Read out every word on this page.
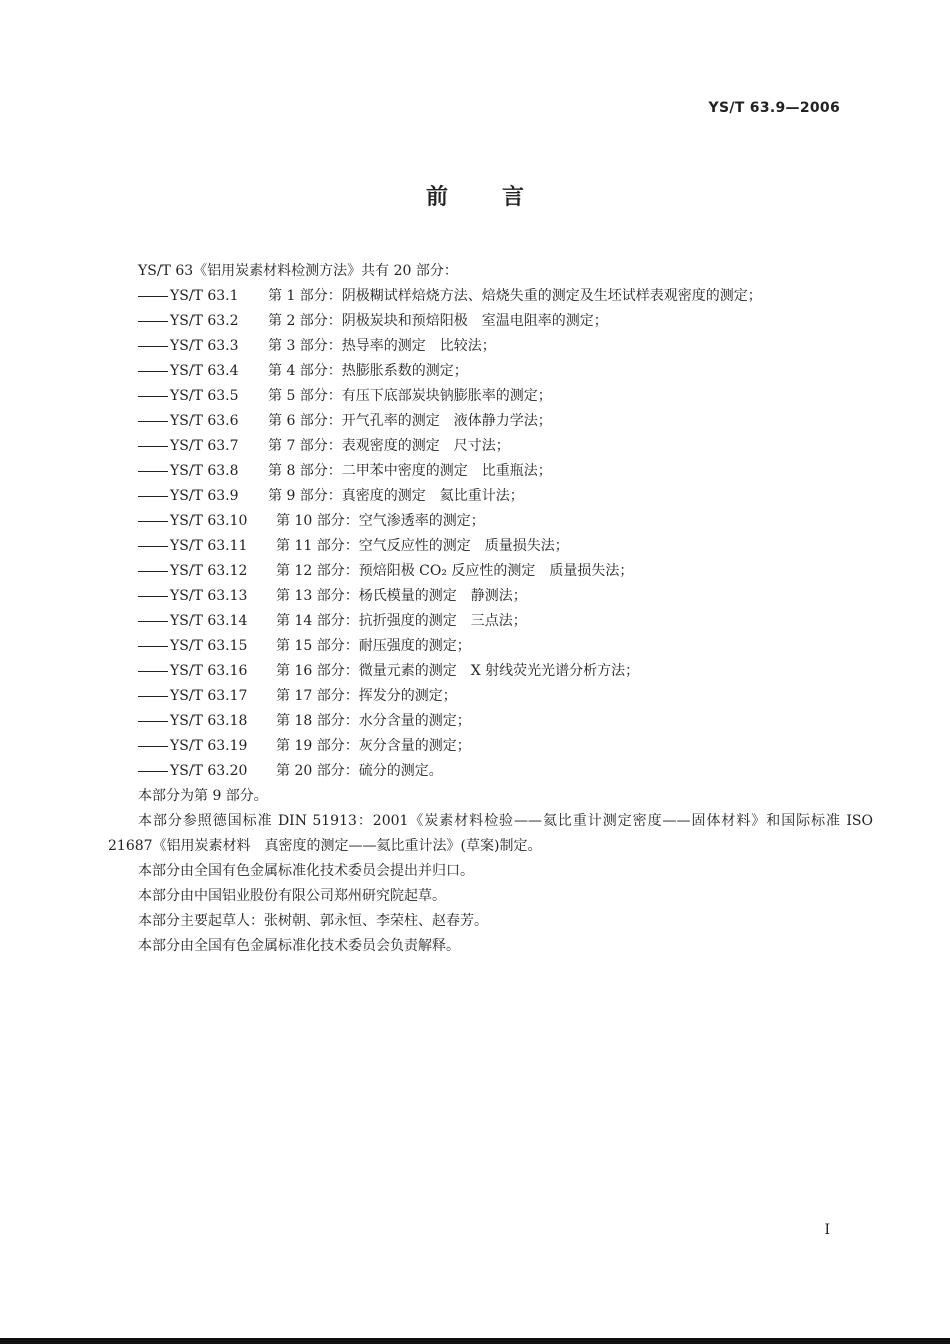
YS/T 63.9—2006
前言

YS/T 63《铝用炭素材料检测方法》共有 20 部分：

YS/T 63.1 第 1 部分：阴极糊试样焙烧方法、焙烧失重的测定及生坯试样表观密度的测定；
YS/T 63.2 第 2 部分：阴极炭块和预焙阳极　室温电阻率的测定；
YS/T 63.3 第 3 部分：热导率的测定　比较法；
YS/T 63.4 第 4 部分：热膨胀系数的测定；
YS/T 63.5 第 5 部分：有压下底部炭块钠膨胀率的测定；
YS/T 63.6 第 6 部分：开气孔率的测定　液体静力学法；
YS/T 63.7 第 7 部分：表观密度的测定　尺寸法；
YS/T 63.8 第 8 部分：二甲苯中密度的测定　比重瓶法；
YS/T 63.9 第 9 部分：真密度的测定　氦比重计法；
YS/T 63.10 第 10 部分：空气渗透率的测定；
YS/T 63.11 第 11 部分：空气反应性的测定　质量损失法；
YS/T 63.12 第 12 部分：预焙阳极 CO₂ 反应性的测定　质量损失法；
YS/T 63.13 第 13 部分：杨氏模量的测定　静测法；
YS/T 63.14 第 14 部分：抗折强度的测定　三点法；
YS/T 63.15 第 15 部分：耐压强度的测定；
YS/T 63.16 第 16 部分：微量元素的测定　X 射线荧光光谱分析方法；
YS/T 63.17 第 17 部分：挥发分的测定；
YS/T 63.18 第 18 部分：水分含量的测定；
YS/T 63.19 第 19 部分：灰分含量的测定；
YS/T 63.20 第 20 部分：硫分的测定。

本部分为第 9 部分。

本部分参照德国标准 DIN 51913：2001《炭素材料检验——氦比重计测定密度——固体材料》和国际标准 ISO 21687《铝用炭素材料　真密度的测定——氦比重计法》(草案)制定。

本部分由全国有色金属标准化技术委员会提出并归口。

本部分由中国铝业股份有限公司郑州研究院起草。

本部分主要起草人：张树朝、郭永恒、李荣柱、赵春芳。

本部分由全国有色金属标准化技术委员会负责解释。

I
